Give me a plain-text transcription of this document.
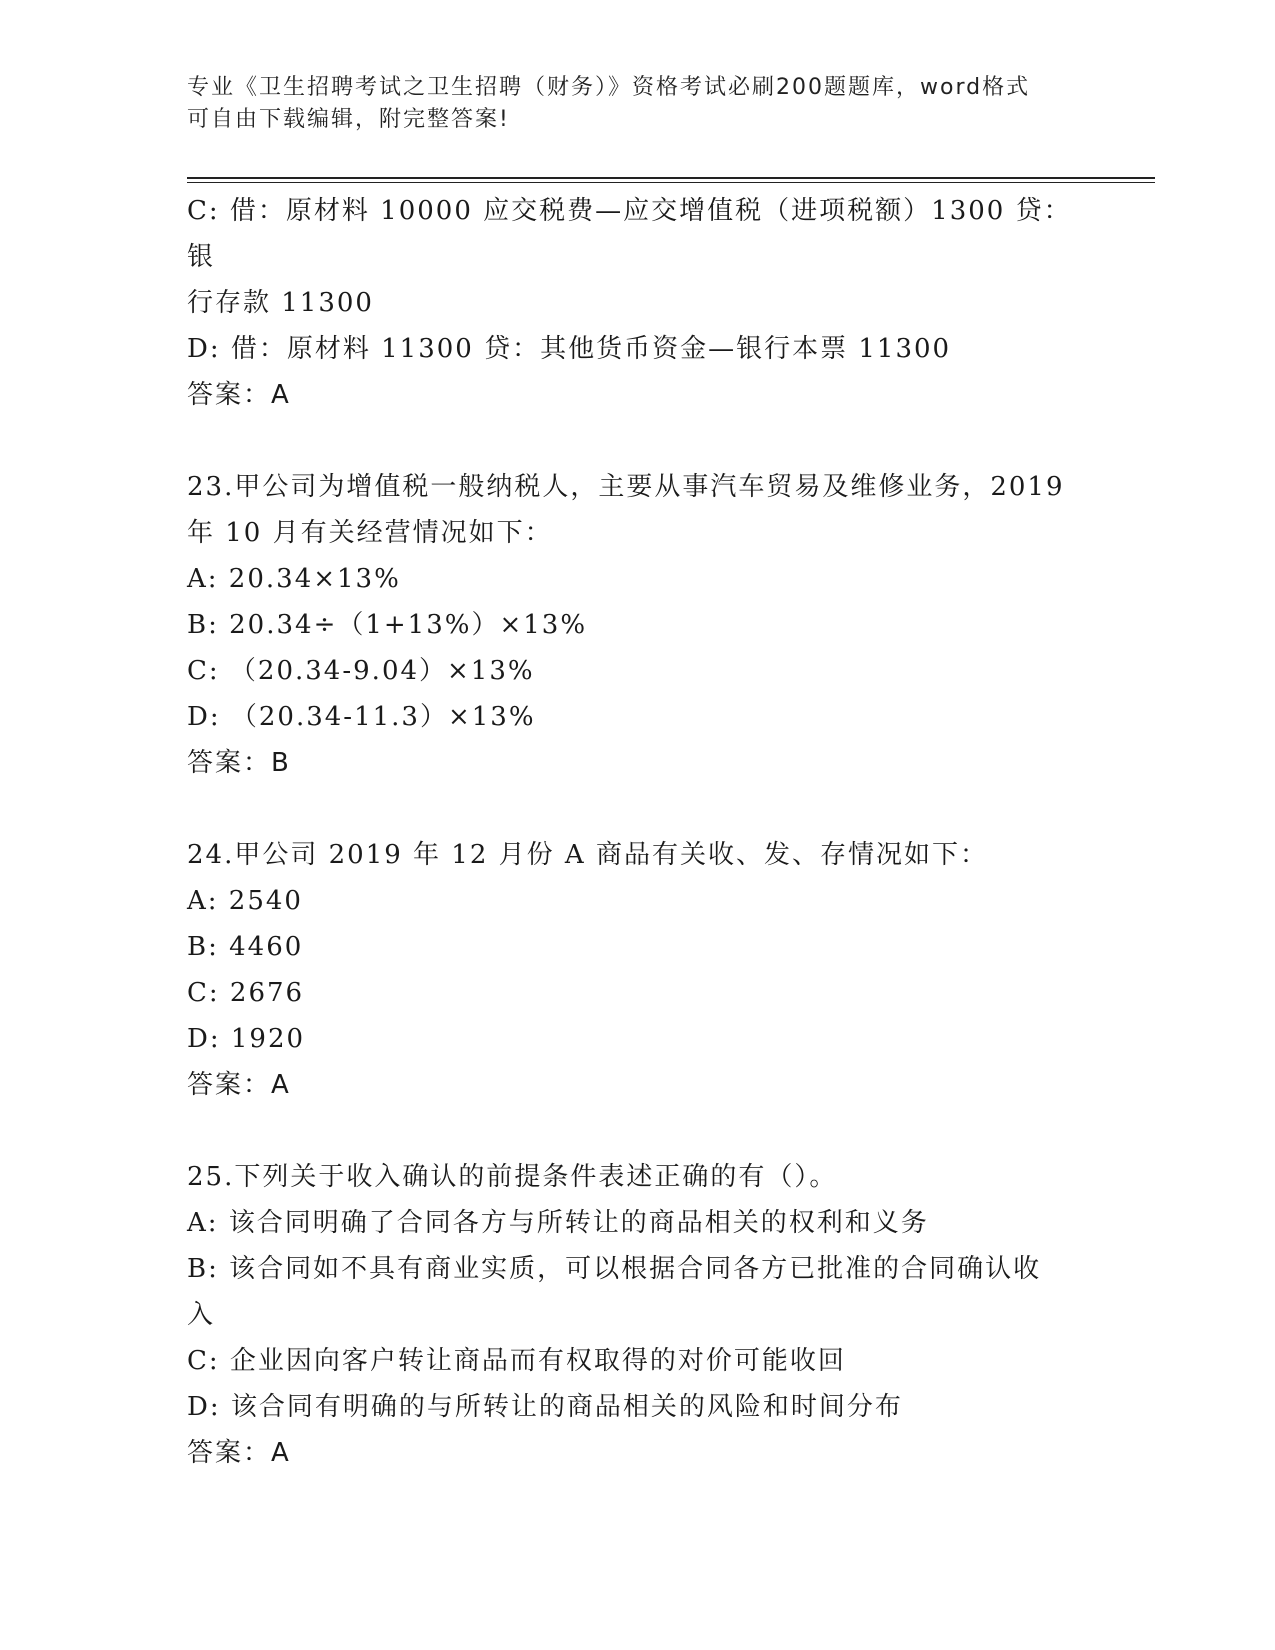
专业《卫生招聘考试之卫生招聘（财务）》资格考试必刷200题题库，word格式
可自由下载编辑，附完整答案!
C: 借：原材料 10000 应交税费—应交增值税（进项税额）1300 贷：银
行存款 11300
D: 借：原材料 11300 贷：其他货币资金—银行本票 11300
答案：A
23.甲公司为增值税一般纳税人，主要从事汽车贸易及维修业务，2019
年 10 月有关经营情况如下：
A: 20.34×13%
B: 20.34÷（1+13%）×13%
C: （20.34-9.04）×13%
D: （20.34-11.3）×13%
答案：B
24.甲公司 2019 年 12 月份 A 商品有关收、发、存情况如下：
A: 2540
B: 4460
C: 2676
D: 1920
答案：A
25.下列关于收入确认的前提条件表述正确的有（）。
A: 该合同明确了合同各方与所转让的商品相关的权利和义务
B: 该合同如不具有商业实质，可以根据合同各方已批准的合同确认收
入
C: 企业因向客户转让商品而有权取得的对价可能收回
D: 该合同有明确的与所转让的商品相关的风险和时间分布
答案：A
